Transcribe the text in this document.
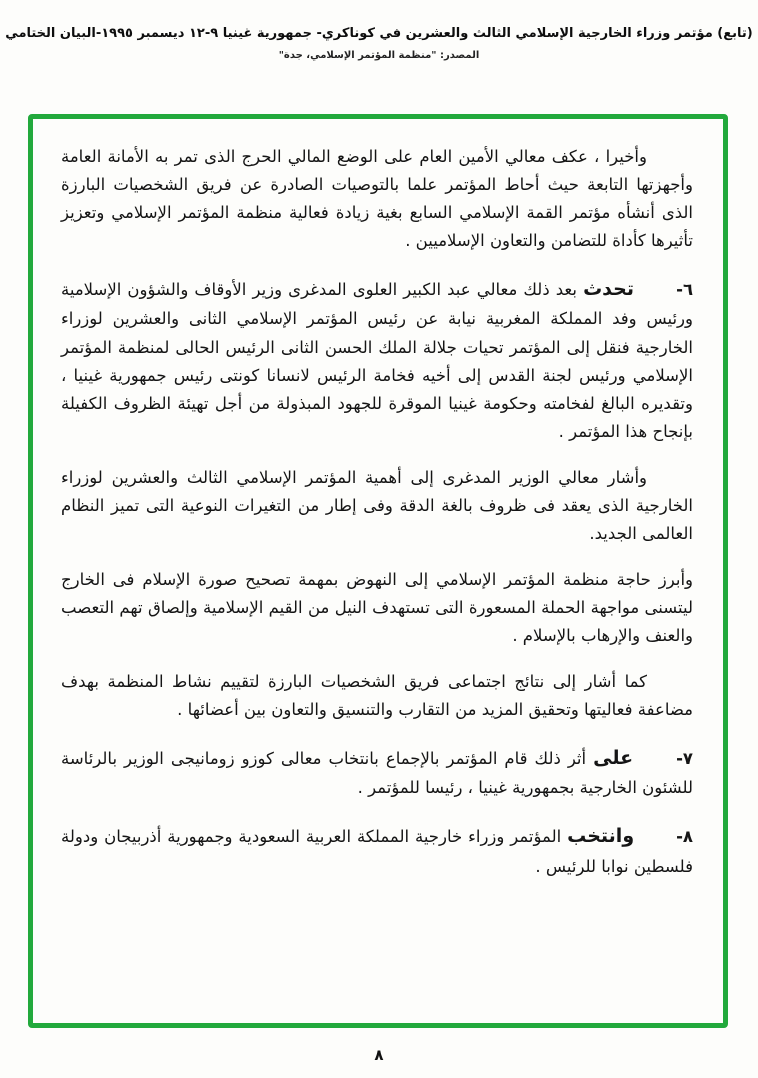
(تابع) مؤتمر وزراء الخارجية الإسلامي الثالث والعشرين في كوناكري- جمهورية غينيا ٩-١٢ ديسمبر ١٩٩٥-البيان الختامي
المصدر: "منظمة المؤتمر الإسلامي، جدة"

وأخيرا ، عكف معالي الأمين العام على الوضع المالي الحرج الذى تمر به الأمانة العامة وأجهزتها التابعة حيث أحاط المؤتمر علما بالتوصيات الصادرة عن فريق الشخصيات البارزة الذى أنشأه مؤتمر القمة الإسلامي السابع بغية زيادة فعالية منظمة المؤتمر الإسلامي وتعزيز تأثيرها كأداة للتضامن والتعاون الإسلاميين .

٦- تحدث بعد ذلك معالي عبد الكبير العلوى المدغرى وزير الأوقاف والشؤون الإسلامية ورئيس وفد المملكة المغربية نيابة عن رئيس المؤتمر الإسلامي الثانى والعشرين لوزراء الخارجية فنقل إلى المؤتمر تحيات جلالة الملك الحسن الثانى الرئيس الحالى لمنظمة المؤتمر الإسلامي ورئيس لجنة القدس إلى أخيه فخامة الرئيس لانسانا كونتى رئيس جمهورية غينيا ، وتقديره البالغ لفخامته وحكومة غينيا الموقرة للجهود المبذولة من أجل تهيئة الظروف الكفيلة بإنجاح هذا المؤتمر .

وأشار معالي الوزير المدغرى إلى أهمية المؤتمر الإسلامي الثالث والعشرين لوزراء الخارجية الذى يعقد فى ظروف بالغة الدقة وفى إطار من التغيرات النوعية التى تميز النظام العالمى الجديد.

وأبرز حاجة منظمة المؤتمر الإسلامي إلى النهوض بمهمة تصحيح صورة الإسلام فى الخارج ليتسنى مواجهة الحملة المسعورة التى تستهدف النيل من القيم الإسلامية وإلصاق تهم التعصب والعنف والإرهاب بالإسلام .

كما أشار إلى نتائج اجتماعى فريق الشخصيات البارزة لتقييم نشاط المنظمة بهدف مضاعفة فعاليتها وتحقيق المزيد من التقارب والتنسيق والتعاون بين أعضائها .

٧- على أثر ذلك قام المؤتمر بالإجماع بانتخاب معالى كوزو زومانيجى الوزير بالرئاسة للشئون الخارجية بجمهورية غينيا ، رئيسا للمؤتمر .

٨- وانتخب المؤتمر وزراء خارجية المملكة العربية السعودية وجمهورية أذربيجان ودولة فلسطين نوابا للرئيس .

٨
